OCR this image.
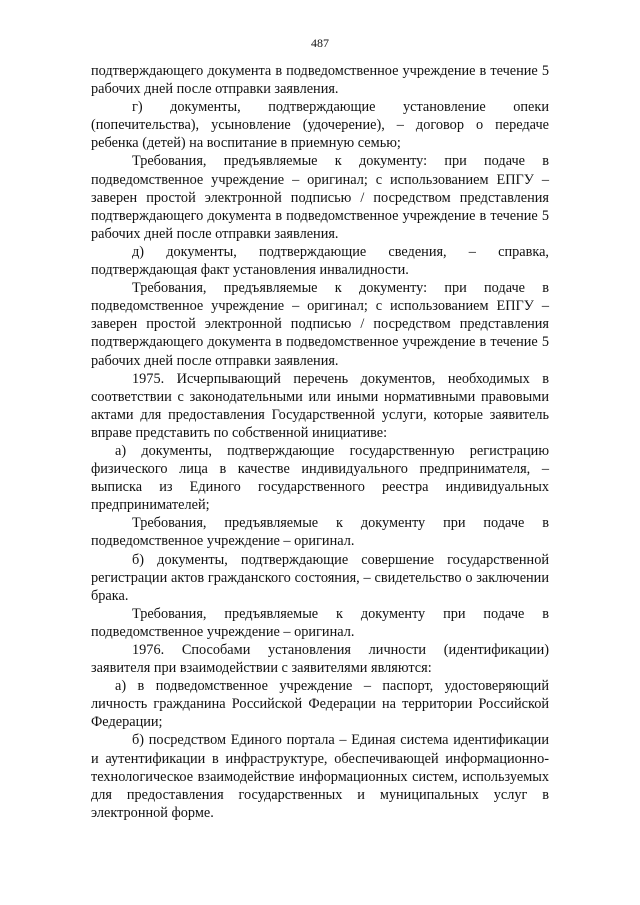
487

подтверждающего документа в подведомственное учреждение в течение 5 рабочих дней после отправки заявления.

г) документы, подтверждающие установление опеки (попечительства), усыновление (удочерение), – договор о передаче ребенка (детей) на воспитание в приемную семью;

Требования, предъявляемые к документу: при подаче в подведомственное учреждение – оригинал; с использованием ЕПГУ – заверен простой электронной подписью / посредством представления подтверждающего документа в подведомственное учреждение в течение 5 рабочих дней после отправки заявления.

д) документы, подтверждающие сведения, – справка, подтверждающая факт установления инвалидности.

Требования, предъявляемые к документу: при подаче в подведомственное учреждение – оригинал; с использованием ЕПГУ – заверен простой электронной подписью / посредством представления подтверждающего документа в подведомственное учреждение в течение 5 рабочих дней после отправки заявления.

1975. Исчерпывающий перечень документов, необходимых в соответствии с законодательными или иными нормативными правовыми актами для предоставления Государственной услуги, которые заявитель вправе представить по собственной инициативе:

а) документы, подтверждающие государственную регистрацию физического лица в качестве индивидуального предпринимателя, – выписка из Единого государственного реестра индивидуальных предпринимателей;

Требования, предъявляемые к документу при подаче в подведомственное учреждение – оригинал.

б) документы, подтверждающие совершение государственной регистрации актов гражданского состояния, – свидетельство о заключении брака.

Требования, предъявляемые к документу при подаче в подведомственное учреждение – оригинал.

1976. Способами установления личности (идентификации) заявителя при взаимодействии с заявителями являются:

а) в подведомственное учреждение – паспорт, удостоверяющий личность гражданина Российской Федерации на территории Российской Федерации;

б) посредством Единого портала – Единая система идентификации и аутентификации в инфраструктуре, обеспечивающей информационно-технологическое взаимодействие информационных систем, используемых для предоставления государственных и муниципальных услуг в электронной форме.
